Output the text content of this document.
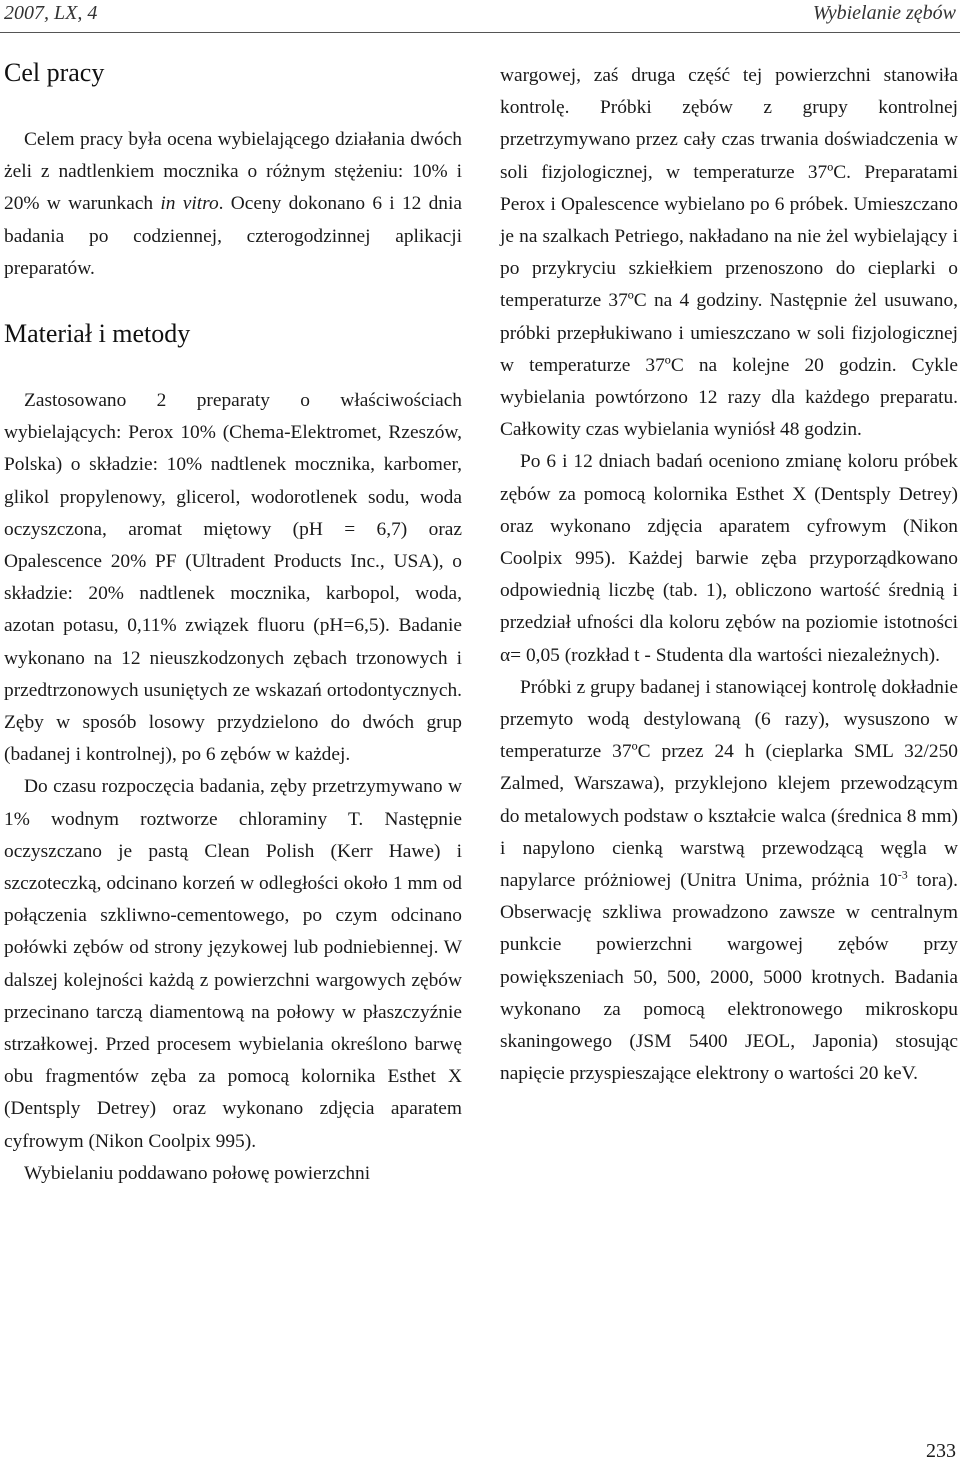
2007, LX, 4	Wybielanie zębów
Cel pracy

Celem pracy była ocena wybielającego działania dwóch żeli z nadtlenkiem mocznika o różnym stężeniu: 10% i 20% w warunkach in vitro. Oceny dokonano 6 i 12 dnia badania po codziennej, czterogodzinnej aplikacji preparatów.

Materiał i metody

Zastosowano 2 preparaty o właściwościach wybielających: Perox 10% (Chema-Elektromet, Rzeszów, Polska) o składzie: 10% nadtlenek mocznika, karbomer, glikol propylenowy, glicerol, wodorotlenek sodu, woda oczyszczona, aromat miętowy (pH = 6,7) oraz Opalescence 20% PF (Ultradent Products Inc., USA), o składzie: 20% nadtlenek mocznika, karbopol, woda, azotan potasu, 0,11% związek fluoru (pH=6,5). Badanie wykonano na 12 nieuszkodzonych zębach trzonowych i przedtrzonowych usuniętych ze wskazań ortodontycznych. Zęby w sposób losowy przydzielono do dwóch grup (badanej i kontrolnej), po 6 zębów w każdej.

Do czasu rozpoczęcia badania, zęby przetrzymywano w 1% wodnym roztworze chloraminy T. Następnie oczyszczano je pastą Clean Polish (Kerr Hawe) i szczoteczką, odcinano korzeń w odległości około 1 mm od połączenia szkliwno-cementowego, po czym odcinano połówki zębów od strony językowej lub podniebiennej. W dalszej kolejności każdą z powierzchni wargowych zębów przecinano tarczą diamentową na połowy w płaszczyźnie strzałkowej. Przed procesem wybielania określono barwę obu fragmentów zęba za pomocą kolornika Esthet X (Dentsply Detrey) oraz wykonano zdjęcia aparatem cyfrowym (Nikon Coolpix 995).

Wybielaniu poddawano połowę powierzchni

wargowej, zaś druga część tej powierzchni stanowiła kontrolę. Próbki zębów z grupy kontrolnej przetrzymywano przez cały czas trwania doświadczenia w soli fizjologicznej, w temperaturze 37ºC. Preparatami Perox i Opalescence wybielano po 6 próbek. Umieszczano je na szalkach Petriego, nakładano na nie żel wybielający i po przykryciu szkiełkiem przenoszono do cieplarki o temperaturze 37ºC na 4 godziny. Następnie żel usuwano, próbki przepłukiwano i umieszczano w soli fizjologicznej w temperaturze 37ºC na kolejne 20 godzin. Cykle wybielania powtórzono 12 razy dla każdego preparatu. Całkowity czas wybielania wyniósł 48 godzin.

Po 6 i 12 dniach badań oceniono zmianę koloru próbek zębów za pomocą kolornika Esthet X (Dentsply Detrey) oraz wykonano zdjęcia aparatem cyfrowym (Nikon Coolpix 995). Każdej barwie zęba przyporządkowano odpowiednią liczbę (tab. 1), obliczono wartość średnią i przedział ufności dla koloru zębów na poziomie istotności α= 0,05 (rozkład t - Studenta dla wartości niezależnych).

Próbki z grupy badanej i stanowiącej kontrolę dokładnie przemyto wodą destylowaną (6 razy), wysuszono w temperaturze 37ºC przez 24 h (cieplarka SML 32/250 Zalmed, Warszawa), przyklejono klejem przewodzącym do metalowych podstaw o kształcie walca (średnica 8 mm) i napylono cienką warstwą przewodzącą węgla w napylarce próżniowej (Unitra Unima, próżnia $10^{-3}$ tora). Obserwację szkliwa prowadzono zawsze w centralnym punkcie powierzchni wargowej zębów przy powiększeniach 50, 500, 2000, 5000 krotnych. Badania wykonano za pomocą elektronowego mikroskopu skaningowego (JSM 5400 JEOL, Japonia) stosując napięcie przyspieszające elektrony o wartości 20 keV.

233
